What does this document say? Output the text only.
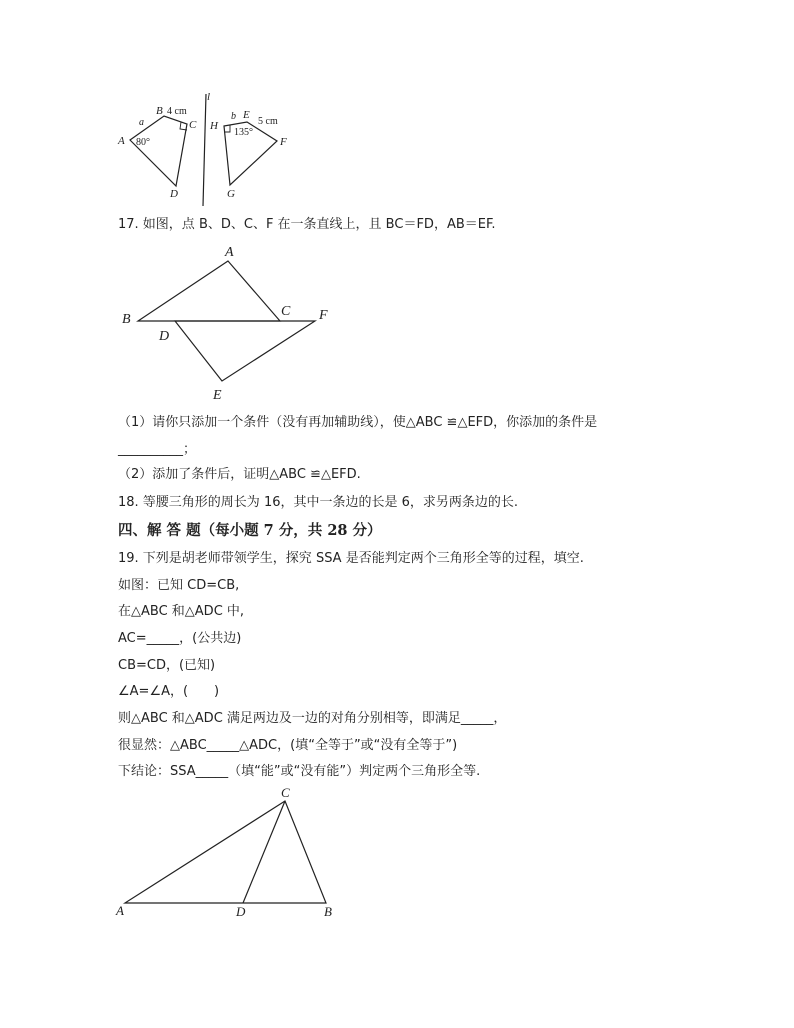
l
A
B
C
D
a
4 cm
80°
H
E
F
G
b 5 cm
135°
17. 如图，点 B、D、C、F 在一条直线上，且 BC＝FD，AB＝EF.
A
B
C
D
E
F
（1）请你只添加一个条件（没有再加辅助线），使△ABC ≌△EFD，你添加的条件是
__________；
（2）添加了条件后，证明△ABC ≌△EFD.
18. 等腰三角形的周长为 16，其中一条边的长是 6，求另两条边的长.
四、解 答 题（每小题 7 分，共 28 分）
19. 下列是胡老师带领学生，探究 SSA 是否能判定两个三角形全等的过程，填空.
如图：已知 CD=CB,
在△ABC 和△ADC 中,
AC=_____，(公共边)
CB=CD，(已知)
∠A=∠A，(　　)
则△ABC 和△ADC 满足两边及一边的对角分别相等，即满足_____，
很显然：△ABC_____△ADC，(填“全等于”或“没有全等于”)
下结论：SSA_____（填“能”或“没有能”）判定两个三角形全等.
C
A	D	B
